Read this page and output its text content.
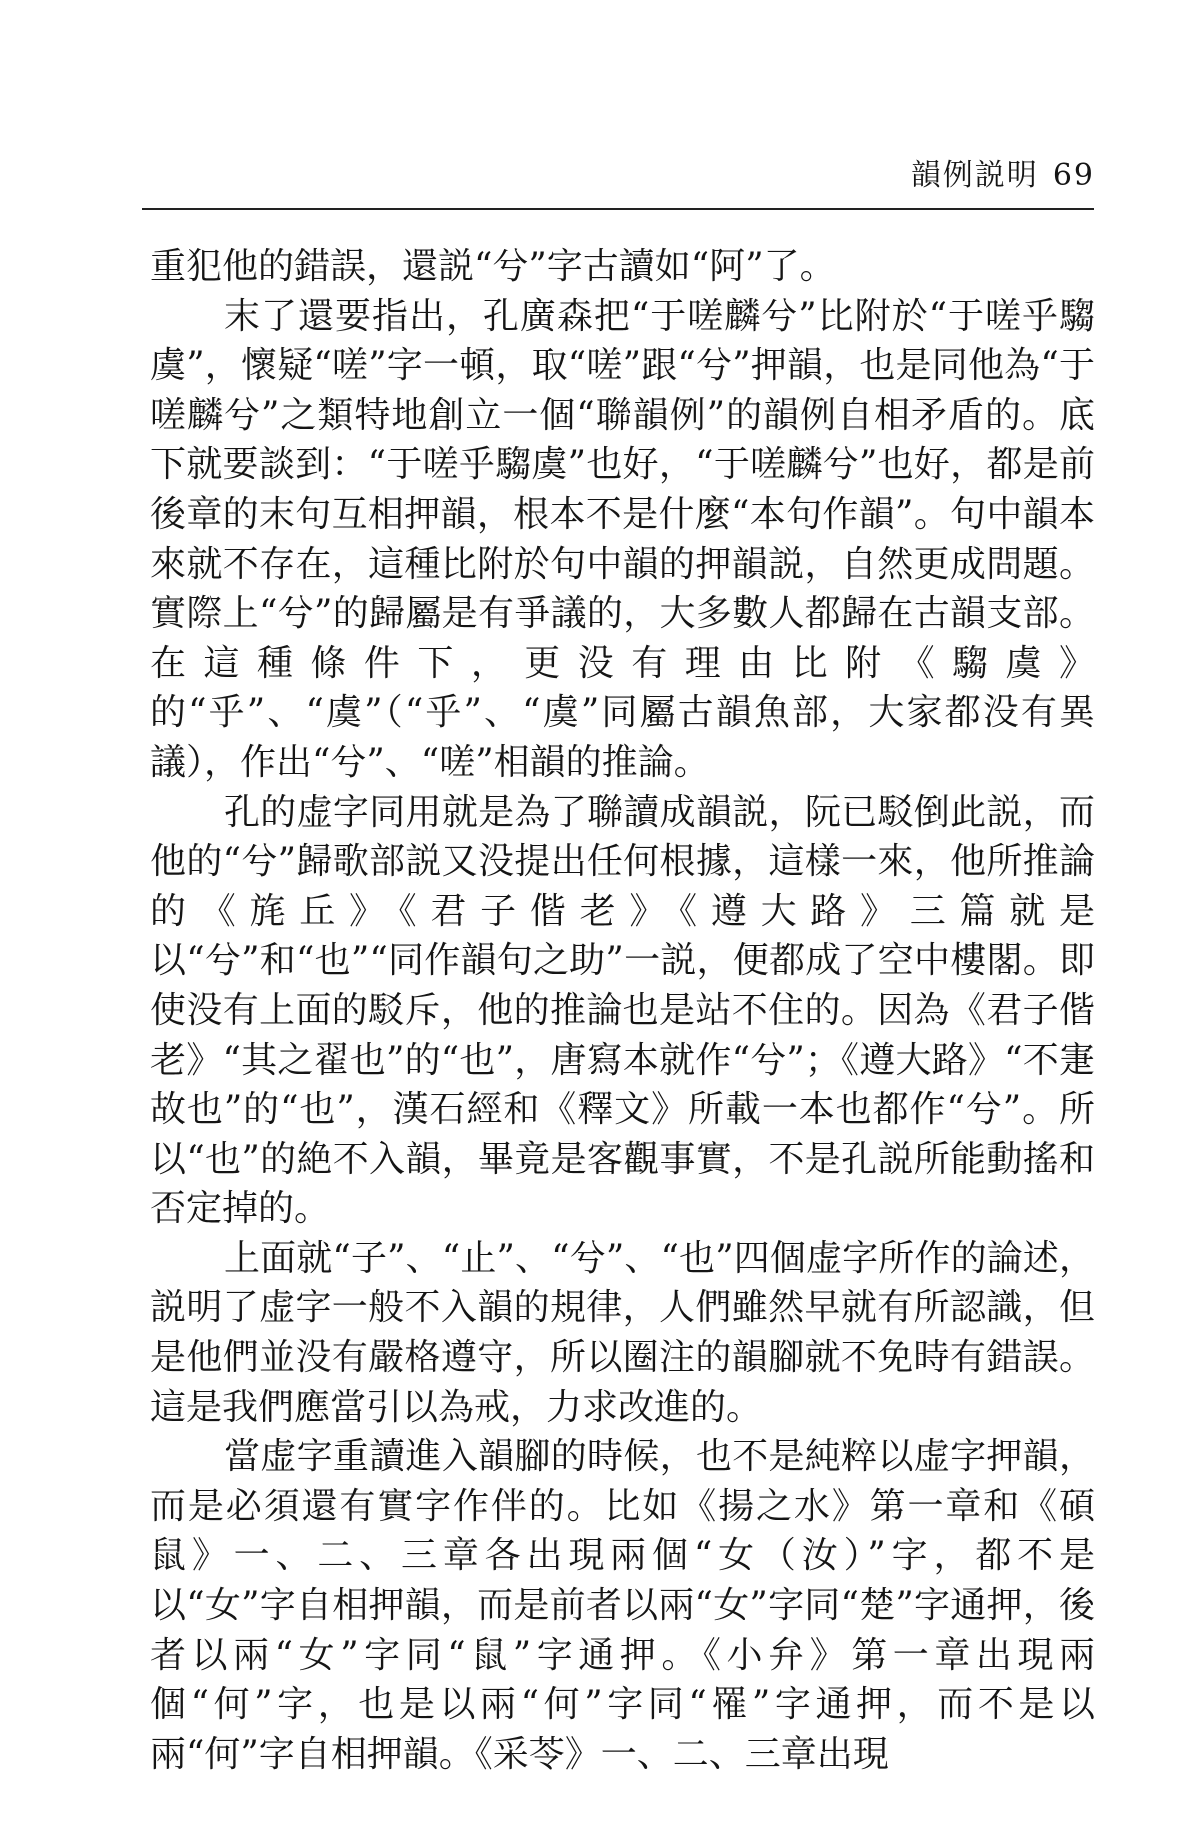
韻例説明 69

重犯他的錯誤，還説“兮”字古讀如“阿”了。

末了還要指出，孔廣森把“于嗟麟兮”比附於“于嗟乎騶虞”，懷疑“嗟”字一頓，取“嗟”跟“兮”押韻，也是同他為“于嗟麟兮”之類特地創立一個“聯韻例”的韻例自相矛盾的。底下就要談到：“于嗟乎騶虞”也好，“于嗟麟兮”也好，都是前後章的末句互相押韻，根本不是什麼“本句作韻”。句中韻本來就不存在，這種比附於句中韻的押韻説，自然更成問題。實際上“兮”的歸屬是有爭議的，大多數人都歸在古韻支部。在這種條件下，更没有理由比附《騶虞》的“乎”、“虞”（“乎”、“虞”同屬古韻魚部，大家都没有異議），作出“兮”、“嗟”相韻的推論。

孔的虚字同用就是為了聯讀成韻説，阮已駁倒此説，而他的“兮”歸歌部説又没提出任何根據，這樣一來，他所推論的《旄丘》《君子偕老》《遵大路》三篇就是以“兮”和“也”“同作韻句之助”一説，便都成了空中樓閣。即使没有上面的駁斥，他的推論也是站不住的。因為《君子偕老》“其之翟也”的“也”，唐寫本就作“兮”；《遵大路》“不寁故也”的“也”，漢石經和《釋文》所載一本也都作“兮”。所以“也”的絶不入韻，畢竟是客觀事實，不是孔説所能動搖和否定掉的。

上面就“子”、“止”、“兮”、“也”四個虚字所作的論述，説明了虚字一般不入韻的規律，人們雖然早就有所認識，但是他們並没有嚴格遵守，所以圈注的韻腳就不免時有錯誤。這是我們應當引以為戒，力求改進的。

當虚字重讀進入韻腳的時候，也不是純粹以虚字押韻，而是必須還有實字作伴的。比如《揚之水》第一章和《碩鼠》一、二、三章各出現兩個“女（汝）”字，都不是以“女”字自相押韻，而是前者以兩“女”字同“楚”字通押，後者以兩“女”字同“鼠”字通押。《小弁》第一章出現兩個“何”字，也是以兩“何”字同“罹”字通押，而不是以兩“何”字自相押韻。《采苓》一、二、三章出現
